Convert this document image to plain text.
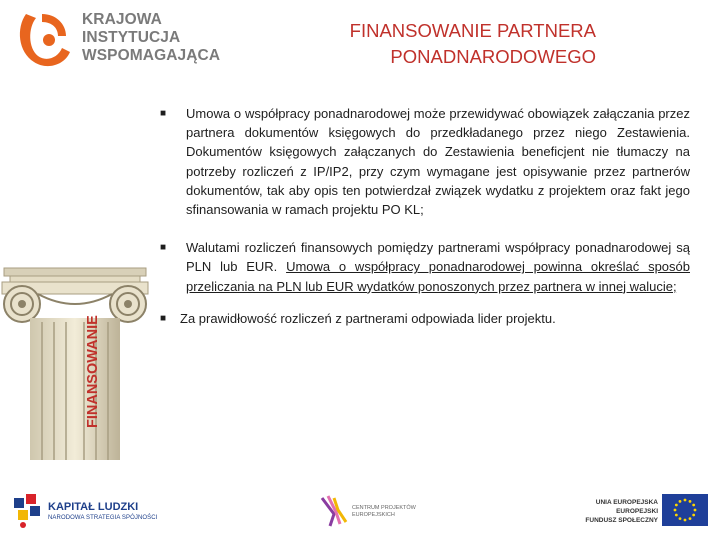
KRAJOWA
INSTYTUCJA
WSPOMAGAJĄCA
FINANSOWANIE PARTNERA
PONADNARODOWEGO
FINANSOWANIE
■ Umowa o współpracy ponadnarodowej może przewidywać obowiązek załączania przez partnera dokumentów księgowych do przedkładanego przez niego Zestawienia. Dokumentów księgowych załączanych do Zestawienia beneficjent nie tłumaczy na potrzeby rozliczeń z IP/IP2, przy czym wymagane jest opisywanie przez partnerów dokumentów, tak aby opis ten potwierdzał związek wydatku z projektem oraz fakt jego sfinansowania w ramach projektu PO KL;
■ Walutami rozliczeń finansowych pomiędzy partnerami współpracy ponadnarodowej są PLN lub EUR. Umowa o współpracy ponadnarodowej powinna określać sposób przeliczania na PLN lub EUR wydatków ponoszonych przez partnera w innej walucie;
■ Za prawidłowość rozliczeń z partnerami odpowiada lider projektu.
KAPITAŁ LUDZKI
NARODOWA STRATEGIA SPÓJNOŚCI
CENTRUM PROJEKTÓW
EUROPEJSKICH
UNIA EUROPEJSKA
EUROPEJSKI
FUNDUSZ SPOŁECZNY
